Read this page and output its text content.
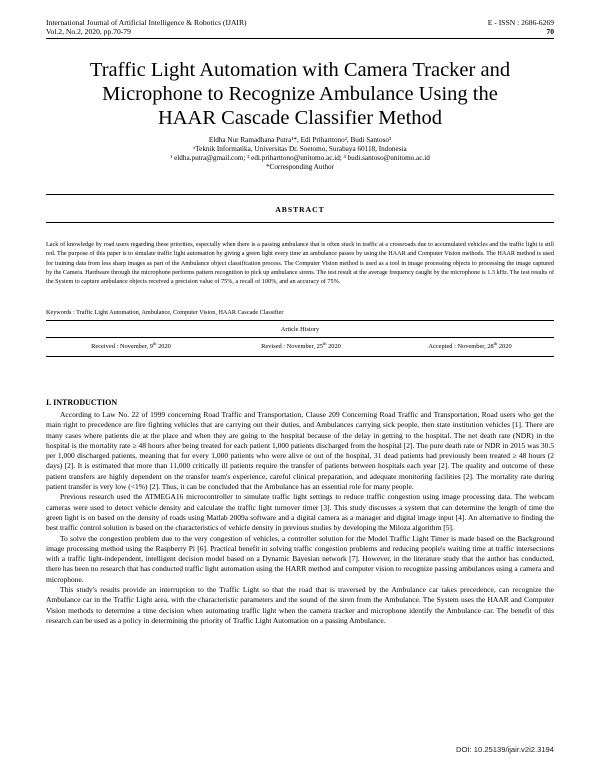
International Journal of Artificial Intelligence & Robotics (IJAIR)
Vol.2, No.2, 2020, pp.70-79
E - ISSN : 2686-6269
70
Traffic Light Automation with Camera Tracker and
Microphone to Recognize Ambulance Using the
HAAR Cascade Classifier Method
Eldha Nur Ramadhana Putra¹*, Edi Priharttono², Budi Santoso³
ᵃTeknik Informatika, Universitas Dr. Soetomo, Surabaya 60118, Indonesia
¹ eldha.putra@gmail.com; ² edi.priharttono@unitomo.ac.id; ³ budi.santoso@unitomo.ac.id
*Corresponding Author
ABSTRACT
Lack of knowledge by road users regarding these priorities, especially when there is a passing ambulance that is often stuck in traffic at a crossroads due to accumulated vehicles and the traffic light is still red. The purpose of this paper is to simulate traffic light automation by giving a green light every time an ambulance passes by using the HAAR and Computer Vision methods. The HAAR method is used for training data from less sharp images as part of the Ambulance object classification process. The Computer Vision method is used as a tool in image processing objects to processing the image captured by the Camera. Hardware through the microphone performs pattern recognition to pick up ambulance sirens. The test result at the average frequency caught by the microphone is 1.3 kHz. The test results of the System to capture ambulance objects received a precision value of 75%, a recall of 100%, and an accuracy of 75%.
Keywords : Traffic Light Automation, Ambulance, Computer Vision, HAAR Cascade Classifier
Article History
Received : November, 9th 2020	Revised : November, 25th 2020	Accepted : November, 28th 2020
I. INTRODUCTION

According to Law No. 22 of 1999 concerning Road Traffic and Transportation, Clause 209 Concerning Road Traffic and Transportation, Road users who get the main right to precedence are fire fighting vehicles that are carrying out their duties, and Ambulances carrying sick people, then state institution vehicles [1]. There are many cases where patients die at the place and when they are going to the hospital because of the delay in getting to the hospital. The net death rate (NDR) in the hospital is the mortality rate ≥ 48 hours after being treated for each patient 1,000 patients discharged from the hospital [2]. The pure death rate or NDR in 2015 was 30.5 per 1,000 discharged patients, meaning that for every 1,000 patients who were alive or out of the hospital, 31 dead patients had previously been treated ≥ 48 hours (2 days) [2]. It is estimated that more than 11,000 critically ill patients require the transfer of patients between hospitals each year [2]. The quality and outcome of these patient transfers are highly dependent on the transfer team's experience, careful clinical preparation, and adequate monitoring facilities [2]. The mortality rate during patient transfer is very low (<1%) [2]. Thus, it can be concluded that the Ambulance has an essential role for many people.

Previous research used the ATMEGA16 microcontroller to simulate traffic light settings to reduce traffic congestion using image processing data. The webcam cameras were used to detect vehicle density and calculate the traffic light turnover timer [3]. This study discusses a system that can determine the length of time the green light is on based on the density of roads using Matlab 2009a software and a digital camera as a manager and digital image input [4]. An alternative to finding the best traffic control solution is based on the characteristics of vehicle density in previous studies by developing the Miloza algorithm [5].

To solve the congestion problem due to the very congestion of vehicles, a controller solution for the Model Traffic Light Timer is made based on the Background image processing method using the Raspberry Pi [6]. Practical benefit in solving traffic congestion problems and reducing people's waiting time at traffic intersections with a traffic light-independent, intelligent decision model based on a Dynamic Bayesian network [7]. However, in the literature study that the author has conducted, there has been no research that has conducted traffic light automation using the HARR method and computer vision to recognize passing ambulances using a camera and microphone.

This study's results provide an interruption to the Traffic Light so that the road that is traversed by the Ambulance car takes precedence, can recognize the Ambulance car in the Traffic Light area, with the characteristic parameters and the sound of the siren from the Ambulance. The System uses the HAAR and Computer Vision methods to determine a time decision when automating traffic light when the camera tracker and microphone identify the Ambulance car. The benefit of this research can be used as a policy in determining the priority of Traffic Light Automation on a passing Ambulance.

DOI: 10.25139/ijair.v2i2.3194
